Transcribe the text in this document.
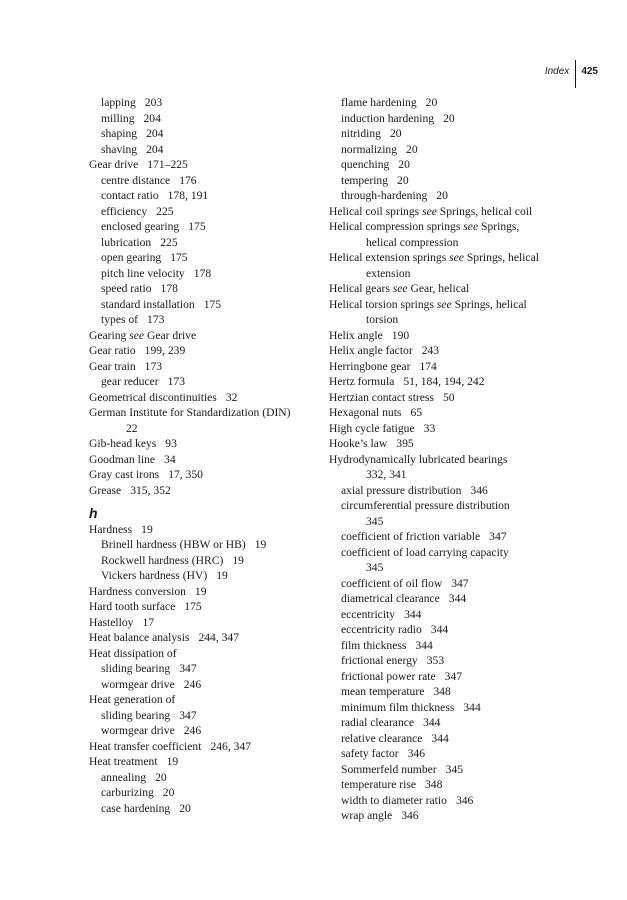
Index	425
lapping 203
milling 204
shaping 204
shaving 204
Gear drive 171–225
centre distance 176
contact ratio 178, 191
efficiency 225
enclosed gearing 175
lubrication 225
open gearing 175
pitch line velocity 178
speed ratio 178
standard installation 175
types of 173
Gearing see Gear drive
Gear ratio 199, 239
Gear train 173
gear reducer 173
Geometrical discontinuities 32
German Institute for Standardization (DIN)
22
Gib-head keys 93
Goodman line 34
Gray cast irons 17, 350
Grease 315, 352
h
Hardness 19
Brinell hardness (HBW or HB) 19
Rockwell hardness (HRC) 19
Vickers hardness (HV) 19
Hardness conversion 19
Hard tooth surface 175
Hastelloy 17
Heat balance analysis 244, 347
Heat dissipation of
sliding bearing 347
wormgear drive 246
Heat generation of
sliding bearing 347
wormgear drive 246
Heat transfer coefficient 246, 347
Heat treatment 19
annealing 20
carburizing 20
case hardening 20
flame hardening 20
induction hardening 20
nitriding 20
normalizing 20
quenching 20
tempering 20
through-hardening 20
Helical coil springs see Springs, helical coil
Helical compression springs see Springs,
helical compression
Helical extension springs see Springs, helical
extension
Helical gears see Gear, helical
Helical torsion springs see Springs, helical
torsion
Helix angle 190
Helix angle factor 243
Herringbone gear 174
Hertz formula 51, 184, 194, 242
Hertzian contact stress 50
Hexagonal nuts 65
High cycle fatigue 33
Hooke’s law 395
Hydrodynamically lubricated bearings
332, 341
axial pressure distribution 346
circumferential pressure distribution
345
coefficient of friction variable 347
coefficient of load carrying capacity
345
coefficient of oil flow 347
diametrical clearance 344
eccentricity 344
eccentricity radio 344
film thickness 344
frictional energy 353
frictional power rate 347
mean temperature 348
minimum film thickness 344
radial clearance 344
relative clearance 344
safety factor 346
Sommerfeld number 345
temperature rise 348
width to diameter ratio 346
wrap angle 346
